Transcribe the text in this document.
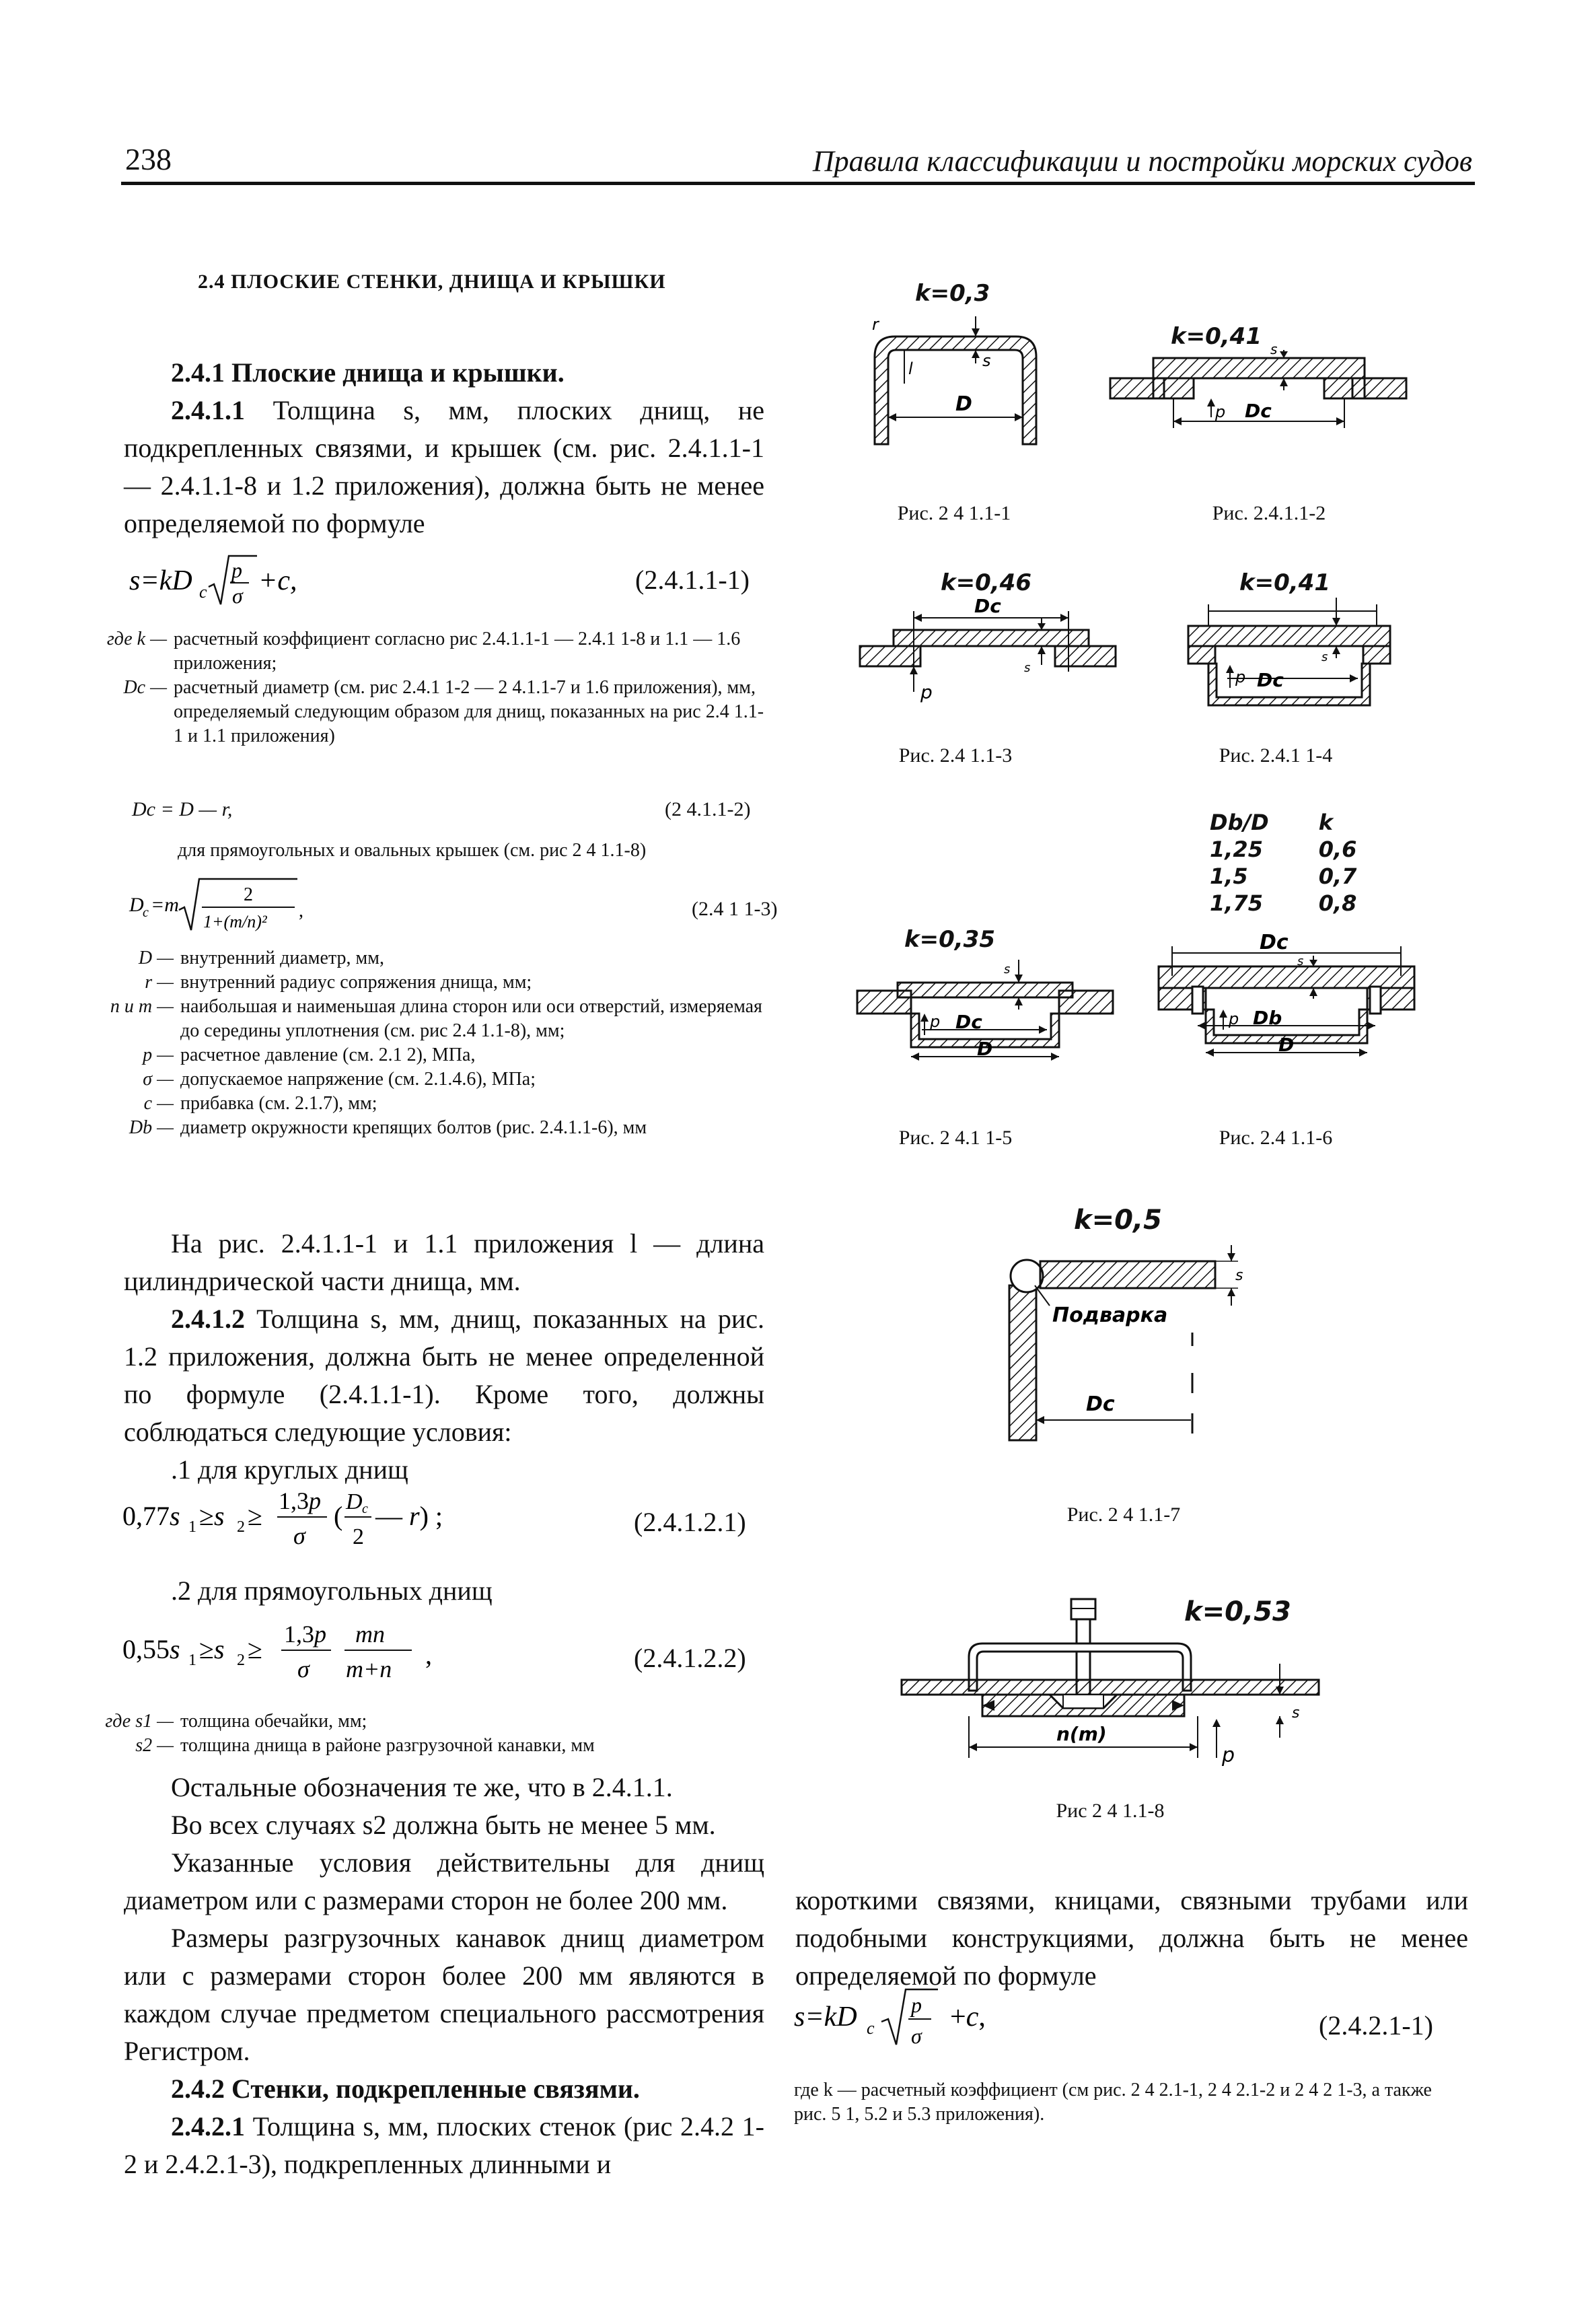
238	Правила классификации и постройки морских судов
2.4 ПЛОСКИЕ СТЕНКИ, ДНИЩА И КРЫШКИ

2.4.1 Плоские днища и крышки.

2.4.1.1 Толщина s, мм, плоских днищ, не подкрепленных связями, и крышек (см. рис. 2.4.1.1-1 — 2.4.1.1-8 и 1.2 приложения), должна быть не менее определяемой по формуле

s=kD c
p
σ +c,	(2.4.1.1-1)
где k — расчетный коэффициент согласно рис 2.4.1.1-1 — 2.4.1 1-8 и 1.1 — 1.6 приложения;
Dc — расчетный диаметр (см. рис 2.4.1 1-2 — 2 4.1.1-7 и 1.6 приложения), мм, определяемый следующим образом для днищ, показанных на рис 2.4 1.1-1 и 1.1 приложения)
Dc = D — r,	(2 4.1.1-2)
для прямоугольных и овальных крышек (см. рис 2 4 1.1-8)
D
c =m	2
1+(m/n)²
,	(2.4 1 1-3)
D — внутренний диаметр, мм,
r — внутренний радиус сопряжения днища, мм;
n и m — наибольшая и наименьшая длина сторон или оси отверстий, измеряемая до середины уплотнения (см. рис 2.4 1.1-8), мм;
p — расчетное давление (см. 2.1 2), МПа,
σ — допускаемое напряжение (см. 2.1.4.6), МПа;
c — прибавка (см. 2.1.7), мм;
Db — диаметр окружности крепящих болтов (рис. 2.4.1.1-6), мм

На рис. 2.4.1.1-1 и 1.1 приложения l — длина цилиндрической части днища, мм.

2.4.1.2 Толщина s, мм, днищ, показанных на рис. 1.2 приложения, должна быть не менее определенной по формуле (2.4.1.1-1). Кроме того, должны соблюдаться следующие условия:

.1 для круглых днищ

0,77s 1 ≥s 2 ≥ 1,3p
σ
( D c
2
— r) ;	(2.4.1.2.1)
.2 для прямоугольных днищ
0,55s 1 ≥s 2 ≥ 1,3p
σ
mn
m+n ,	(2.4.1.2.2)
где s1 — толщина обечайки, мм;
s2 — толщина днища в районе разгрузочной канавки, мм

Остальные обозначения те же, что в 2.4.1.1.

Во всех случаях s2 должна быть не менее 5 мм.

Указанные условия действительны для днищ диаметром или с размерами сторон не более 200 мм.

Размеры разгрузочных канавок днищ диаметром или с размерами сторон более 200 мм являются в каждом случае предметом специального рассмотрения Регистром.

2.4.2 Стенки, подкрепленные связями.

2.4.2.1 Толщина s, мм, плоских стенок (рис 2.4.2 1-2 и 2.4.2.1-3), подкрепленных длинными и

короткими связями, кницами, связными трубами или подобными конструкциями, должна быть не менее определяемой по формуле

s=kD c
p
σ
+c,	(2.4.2.1-1)
где k — расчетный коэффициент (см рис. 2 4 2.1-1, 2 4 2.1-2 и 2 4 2 1-3, а также рис. 5 1, 5.2 и 5.3 приложения).
k=0,3
r
l	s
D
Рис. 2 4 1.1-1
k=0,41
p Dc
s
Рис. 2.4.1.1-2
k=0,46
Dc
p
s
Рис. 2.4 1.1-3
k=0,41
p Dc
s
Рис. 2.4.1 1-4
Db/D	k
1,25	0,6
1,5	0,7
1,75	0,8
k=0,35
p Dc
D
s
Рис. 2 4.1 1-5
Dc
p Db
D
s
Рис. 2.4 1.1-6
k=0,5
s
Подварка
Dc
Рис. 2 4 1.1-7
k=0,53
s
n(m)
p
Рис 2 4 1.1-8
